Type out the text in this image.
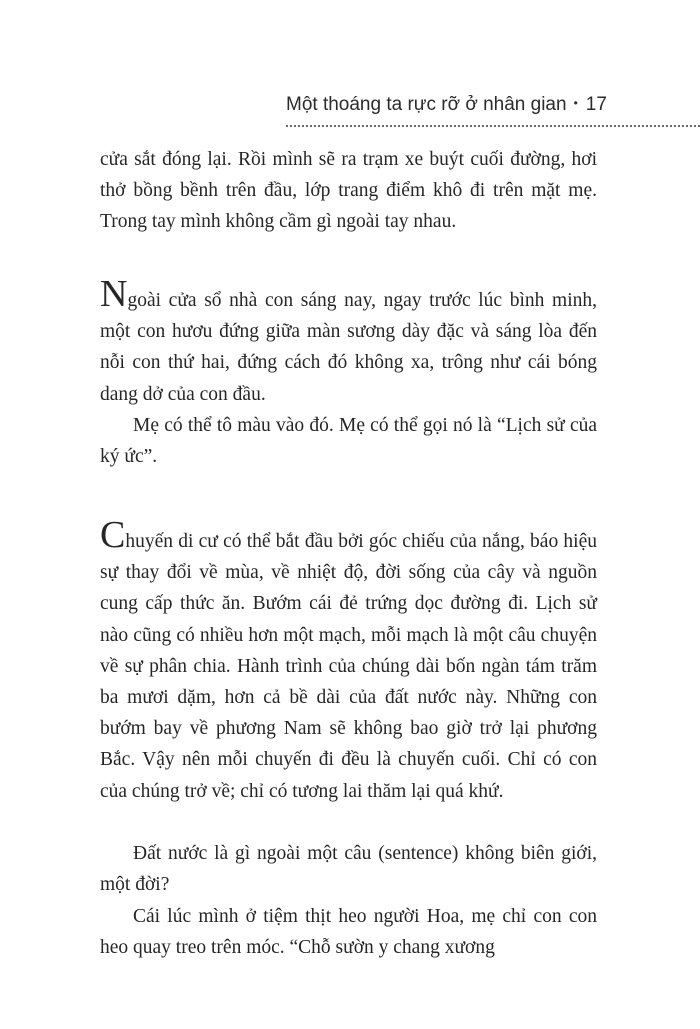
Một thoáng ta rực rỡ ở nhân gian • 17

cửa sắt đóng lại. Rồi mình sẽ ra trạm xe buýt cuối đường, hơi thở bồng bềnh trên đầu, lớp trang điểm khô đi trên mặt mẹ. Trong tay mình không cầm gì ngoài tay nhau.

Ngoài cửa sổ nhà con sáng nay, ngay trước lúc bình minh, một con hươu đứng giữa màn sương dày đặc và sáng lòa đến nỗi con thứ hai, đứng cách đó không xa, trông như cái bóng dang dở của con đầu.

Mẹ có thể tô màu vào đó. Mẹ có thể gọi nó là “Lịch sử của ký ức”.

Chuyến di cư có thể bắt đầu bởi góc chiếu của nắng, báo hiệu sự thay đổi về mùa, về nhiệt độ, đời sống của cây và nguồn cung cấp thức ăn. Bướm cái đẻ trứng dọc đường đi. Lịch sử nào cũng có nhiều hơn một mạch, mỗi mạch là một câu chuyện về sự phân chia. Hành trình của chúng dài bốn ngàn tám trăm ba mươi dặm, hơn cả bề dài của đất nước này. Những con bướm bay về phương Nam sẽ không bao giờ trở lại phương Bắc. Vậy nên mỗi chuyến đi đều là chuyến cuối. Chỉ có con của chúng trở về; chỉ có tương lai thăm lại quá khứ.

Đất nước là gì ngoài một câu (sentence) không biên giới, một đời?

Cái lúc mình ở tiệm thịt heo người Hoa, mẹ chỉ con con heo quay treo trên móc. “Chỗ sườn y chang xương
